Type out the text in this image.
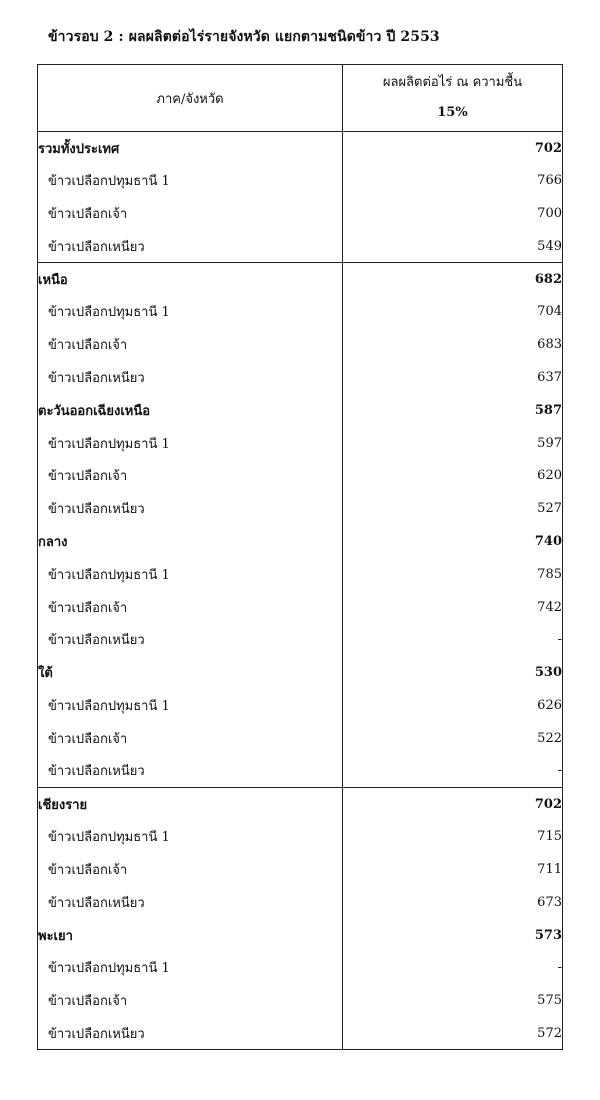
ข้าวรอบ 2 : ผลผลิตต่อไร่รายจังหวัด แยกตามชนิดข้าว ปี 2553
ภาค/จังหวัด	ผลผลิตต่อไร่ ณ ความชื้น
15%

รวมทั้งประเทศ	702
ข้าวเปลือกปทุมธานี 1	766
ข้าวเปลือกเจ้า	700
ข้าวเปลือกเหนียว	549
เหนือ	682
ข้าวเปลือกปทุมธานี 1	704
ข้าวเปลือกเจ้า	683
ข้าวเปลือกเหนียว	637
ตะวันออกเฉียงเหนือ	587
ข้าวเปลือกปทุมธานี 1	597
ข้าวเปลือกเจ้า	620
ข้าวเปลือกเหนียว	527
กลาง	740
ข้าวเปลือกปทุมธานี 1	785
ข้าวเปลือกเจ้า	742
ข้าวเปลือกเหนียว	-
ใต้	530
ข้าวเปลือกปทุมธานี 1	626
ข้าวเปลือกเจ้า	522
ข้าวเปลือกเหนียว	-
เชียงราย	702
ข้าวเปลือกปทุมธานี 1	715
ข้าวเปลือกเจ้า	711
ข้าวเปลือกเหนียว	673
พะเยา	573
ข้าวเปลือกปทุมธานี 1	-
ข้าวเปลือกเจ้า	575
ข้าวเปลือกเหนียว	572
